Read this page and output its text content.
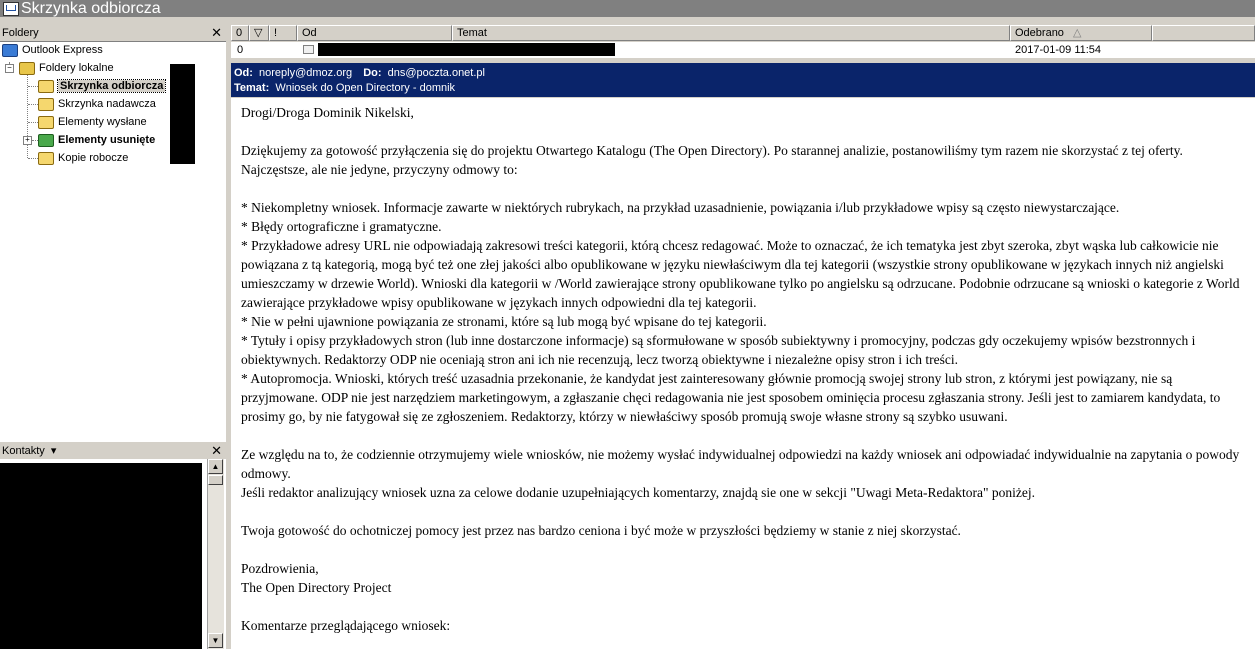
Skrzynka odbiorcza
Foldery	✕
Outlook Express
−	Foldery lokalne
Skrzynka odbiorcza
Skrzynka nadawcza
Elementy wysłane
+	Elementy usunięte
Kopie robocze
Kontakty ▾	✕
▲
▼
0	▽	!	Od	Temat	Odebrano △
0	2017-01-09 11:54
Od: noreply@dmoz.org Do: dns@poczta.onet.pl
Temat: Wniosek do Open Directory - domnik

Drogi/Droga Dominik Nikelski,

Dziękujemy za gotowość przyłączenia się do projektu Otwartego Katalogu (The Open Directory). Po starannej analizie, postanowiliśmy tym razem nie skorzystać z tej oferty. Najczęstsze, ale nie jedyne, przyczyny odmowy to:

* Niekompletny wniosek. Informacje zawarte w niektórych rubrykach, na przykład uzasadnienie, powiązania i/lub przykładowe wpisy są często niewystarczające.

* Błędy ortograficzne i gramatyczne.

* Przykładowe adresy URL nie odpowiadają zakresowi treści kategorii, którą chcesz redagować. Może to oznaczać, że ich tematyka jest zbyt szeroka, zbyt wąska lub całkowicie nie powiązana z tą kategorią, mogą być też one złej jakości albo opublikowane w języku niewłaściwym dla tej kategorii (wszystkie strony opublikowane w językach innych niż angielski umieszczamy w drzewie World). Wnioski dla kategorii w /World zawierające strony opublikowane tylko po angielsku są odrzucane. Podobnie odrzucane są wnioski o kategorie z World zawierające przykładowe wpisy opublikowane w językach innych odpowiedni dla tej kategorii.

* Nie w pełni ujawnione powiązania ze stronami, które są lub mogą być wpisane do tej kategorii.

* Tytuły i opisy przykładowych stron (lub inne dostarczone informacje) są sformułowane w sposób subiektywny i promocyjny, podczas gdy oczekujemy wpisów bezstronnych i obiektywnych. Redaktorzy ODP nie oceniają stron ani ich nie recenzują, lecz tworzą obiektywne i niezależne opisy stron i ich treści.

* Autopromocja. Wnioski, których treść uzasadnia przekonanie, że kandydat jest zainteresowany głównie promocją swojej strony lub stron, z którymi jest powiązany, nie są przyjmowane. ODP nie jest narzędziem marketingowym, a zgłaszanie chęci redagowania nie jest sposobem ominięcia procesu zgłaszania strony. Jeśli jest to zamiarem kandydata, to prosimy go, by nie fatygował się ze zgłoszeniem. Redaktorzy, którzy w niewłaściwy sposób promują swoje własne strony są szybko usuwani.

Ze względu na to, że codziennie otrzymujemy wiele wniosków, nie możemy wysłać indywidualnej odpowiedzi na każdy wniosek ani odpowiadać indywidualnie na zapytania o powody odmowy.

Jeśli redaktor analizujący wniosek uzna za celowe dodanie uzupełniających komentarzy, znajdą sie one w sekcji "Uwagi Meta-Redaktora" poniżej.

Twoja gotowość do ochotniczej pomocy jest przez nas bardzo ceniona i być może w przyszłości będziemy w stanie z niej skorzystać.

Pozdrowienia,

The Open Directory Project

Komentarze przeglądającego wniosek:
